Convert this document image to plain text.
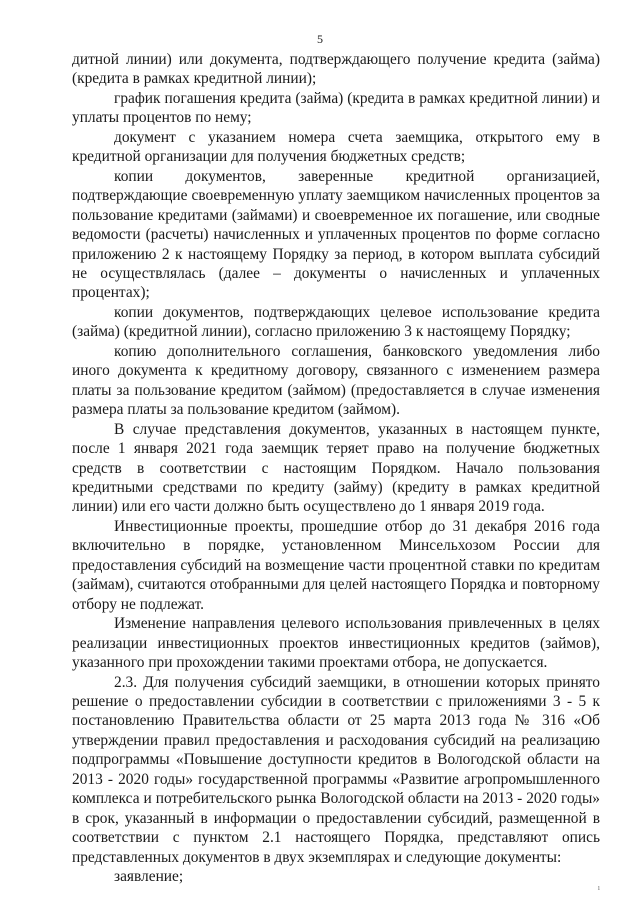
5

дитной линии) или документа, подтверждающего получение кредита (займа) (кредита в рамках кредитной линии);

график погашения кредита (займа) (кредита в рамках кредитной линии) и уплаты процентов по нему;

документ с указанием номера счета заемщика, открытого ему в кредитной организации для получения бюджетных средств;

копии документов, заверенные кредитной организацией, подтверждающие своевременную уплату заемщиком начисленных процентов за пользование кредитами (займами) и своевременное их погашение, или сводные ведомости (расчеты) начисленных и уплаченных процентов по форме согласно приложению 2 к настоящему Порядку за период, в котором выплата субсидий не осуществлялась (далее – документы о начисленных и уплаченных процентах);

копии документов, подтверждающих целевое использование кредита (займа) (кредитной линии), согласно приложению 3 к настоящему Порядку;

копию дополнительного соглашения, банковского уведомления либо иного документа к кредитному договору, связанного с изменением размера платы за пользование кредитом (займом) (предоставляется в случае изменения размера платы за пользование кредитом (займом).

В случае представления документов, указанных в настоящем пункте, после 1 января 2021 года заемщик теряет право на получение бюджетных средств в соответствии с настоящим Порядком. Начало пользования кредитными средствами по кредиту (займу) (кредиту в рамках кредитной линии) или его части должно быть осуществлено до 1 января 2019 года.

Инвестиционные проекты, прошедшие отбор до 31 декабря 2016 года включительно в порядке, установленном Минсельхозом России для предоставления субсидий на возмещение части процентной ставки по кредитам (займам), считаются отобранными для целей настоящего Порядка и повторному отбору не подлежат.

Изменение направления целевого использования привлеченных в целях реализации инвестиционных проектов инвестиционных кредитов (займов), указанного при прохождении такими проектами отбора, не допускается.

2.3. Для получения субсидий заемщики, в отношении которых принято решение о предоставлении субсидии в соответствии с приложениями 3 - 5 к постановлению Правительства области от 25 марта 2013 года № 316 «Об утверждении правил предоставления и расходования субсидий на реализацию подпрограммы «Повышение доступности кредитов в Вологодской области на 2013 - 2020 годы» государственной программы «Развитие агропромышленного комплекса и потребительского рынка Вологодской области на 2013 - 2020 годы» в срок, указанный в информации о предоставлении субсидий, размещенной в соответствии с пунктом 2.1 настоящего Порядка, представляют опись представленных документов в двух экземплярах и следующие документы:

заявление;

ı
